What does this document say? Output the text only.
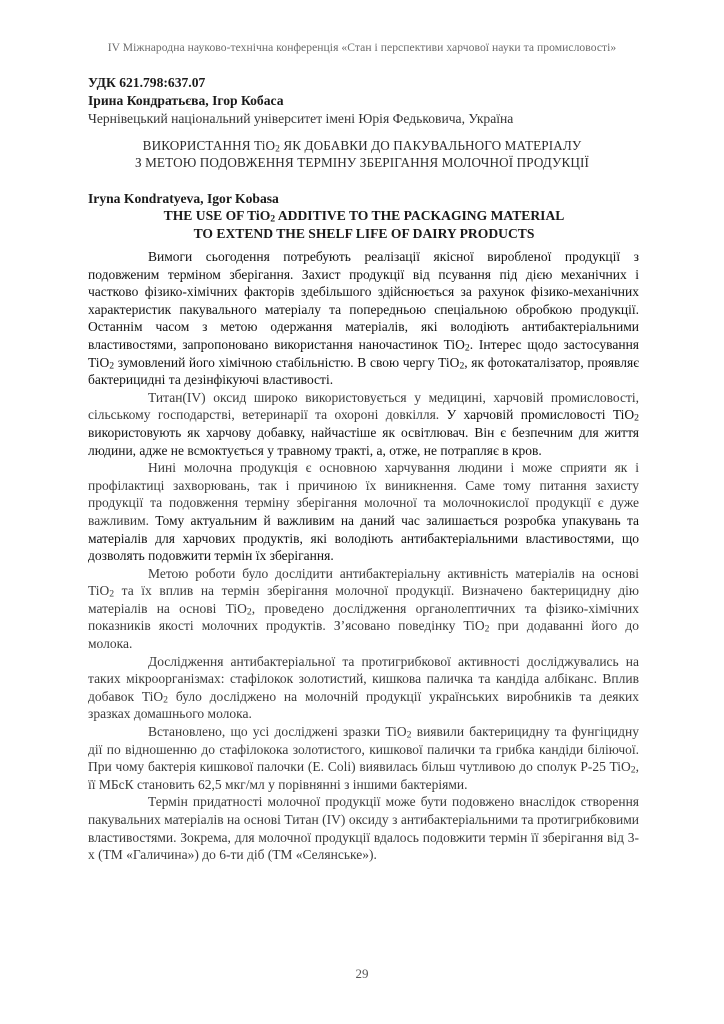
IV Міжнародна науково-технічна конференція «Стан і перспективи харчової науки та промисловості»
УДК 621.798:637.07
Ірина Кондратьєва, Ігор Кобаса
Чернівецький національний університет імені Юрія Федьковича, Україна
ВИКОРИСТАННЯ TiO$_2$ ЯК ДОБАВКИ ДО ПАКУВАЛЬНОГО МАТЕРІАЛУ
З МЕТОЮ ПОДОВЖЕННЯ ТЕРМІНУ ЗБЕРІГАННЯ МОЛОЧНОЇ ПРОДУКЦІЇ
Iryna Kondratyeva, Igor Kobasa
THE USE OF TiO$_2$ ADDITIVE TO THE PACKAGING MATERIAL
TO EXTEND THE SHELF LIFE OF DAIRY PRODUCTS

Вимоги сьогодення потребують реалізації якісної виробленої продукції з подовженим терміном зберігання. Захист продукції від псування під дією механічних і частково фізико-хімічних факторів здебільшого здійснюється за рахунок фізико-механічних характеристик пакувального матеріалу та попередньою спеціальною обробкою продукції. Останнім часом з метою одержання матеріалів, які володіють антибактеріальними властивостями, запропоновано використання наночастинок TiO$_2$. Інтерес щодо застосування TiO$_2$ зумовлений його хімічною стабільністю. В свою чергу TiO$_2$, як фотокаталізатор, проявляє бактерицидні та дезінфікуючі властивості.

Титан(IV) оксид широко використовується у медицині, харчовій промисловості, сільському господарстві, ветеринарії та охороні довкілля. У харчовій промисловості TiO$_2$ використовують як харчову добавку, найчастіше як освітлювач. Він є безпечним для життя людини, адже не всмоктується у травному тракті, а, отже, не потрапляє в кров.

Нині молочна продукція є основною харчування людини і може сприяти як і профілактиці захворювань, так і причиною їх виникнення. Саме тому питання захисту продукції та подовження терміну зберігання молочної та молочнокислої продукції є дуже важливим. Тому актуальним й важливим на даний час залишається розробка упакувань та матеріалів для харчових продуктів, які володіють антибактеріальними властивостями, що дозволять подовжити термін їх зберігання.

Метою роботи було дослідити антибактеріальну активність матеріалів на основі TiO$_2$ та їх вплив на термін зберігання молочної продукції. Визначено бактерицидну дію матеріалів на основі TiO$_2$, проведено дослідження органолептичних та фізико-хімічних показників якості молочних продуктів. З’ясовано поведінку TiO$_2$ при додаванні його до молока.

Дослідження антибактеріальної та протигрибкової активності досліджувались на таких мікроорганізмах: стафілокок золотистий, кишкова паличка та кандіда албіканс. Вплив добавок TiO$_2$ було досліджено на молочній продукції українських виробників та деяких зразках домашнього молока.

Встановлено, що усі досліджені зразки TiO$_2$ виявили бактерицидну та фунгіцидну дії по відношенню до стафілокока золотистого, кишкової палички та грибка кандіди біліючої. При чому бактерія кишкової палочки (E. Coli) виявилась більш чутливою до сполук P-25 TiO$_2$, її МБсК становить 62,5 мкг/мл у порівнянні з іншими бактеріями.

Термін придатності молочної продукції може бути подовжено внаслідок створення пакувальних матеріалів на основі Титан (IV) оксиду з антибактеріальними та протигрибковими властивостями. Зокрема, для молочної продукції вдалось подовжити термін її зберігання від 3-х (ТМ «Галичина») до 6-ти діб (ТМ «Селянське»).

29
